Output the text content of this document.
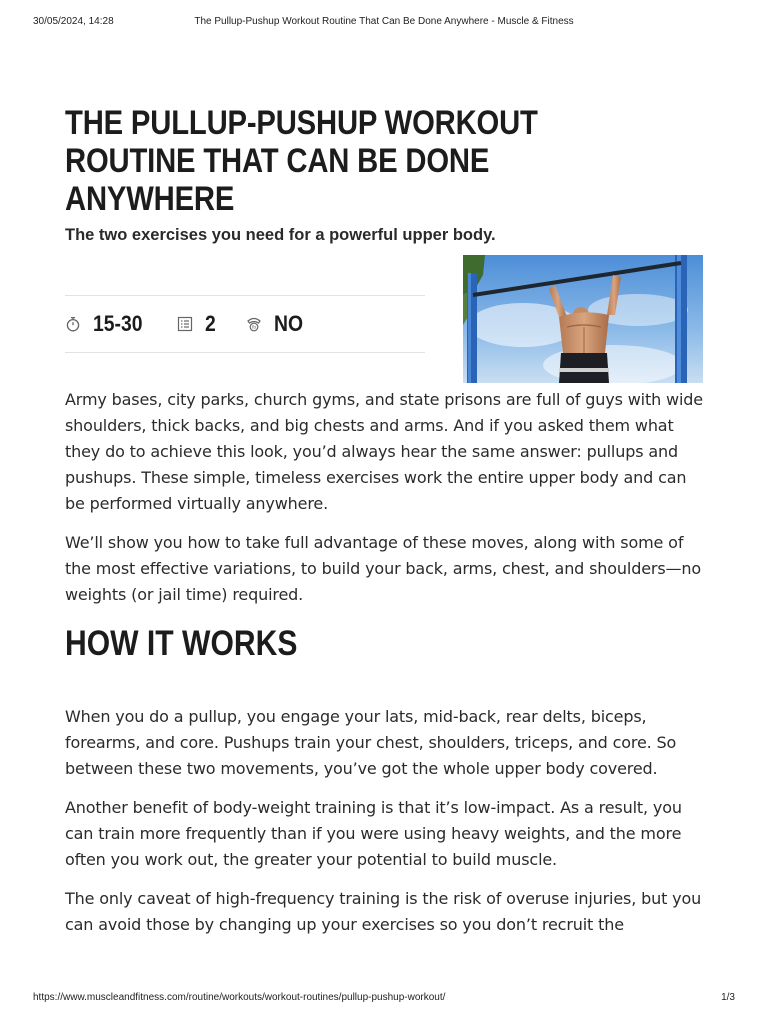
30/05/2024, 14:28	The Pullup-Pushup Workout Routine That Can Be Done Anywhere - Muscle & Fitness
THE PULLUP-PUSHUP WORKOUT ROUTINE THAT CAN BE DONE ANYWHERE
The two exercises you need for a powerful upper body.
15-30	2	lb NO

Army bases, city parks, church gyms, and state prisons are full of guys with wide shoulders, thick backs, and big chests and arms. And if you asked them what they do to achieve this look, you’d always hear the same answer: pullups and pushups. These simple, timeless exercises work the entire upper body and can be performed virtually anywhere.

We’ll show you how to take full advantage of these moves, along with some of the most effective variations, to build your back, arms, chest, and shoulders—no weights (or jail time) required.

HOW IT WORKS

When you do a pullup, you engage your lats, mid-back, rear delts, biceps, forearms, and core. Pushups train your chest, shoulders, triceps, and core. So between these two movements, you’ve got the whole upper body covered.

Another benefit of body-weight training is that it’s low-impact. As a result, you can train more frequently than if you were using heavy weights, and the more often you work out, the greater your potential to build muscle.

The only caveat of high-frequency training is the risk of overuse injuries, but you can avoid those by changing up your exercises so you don’t recruit the

https://www.muscleandfitness.com/routine/workouts/workout-routines/pullup-pushup-workout/	1/3
